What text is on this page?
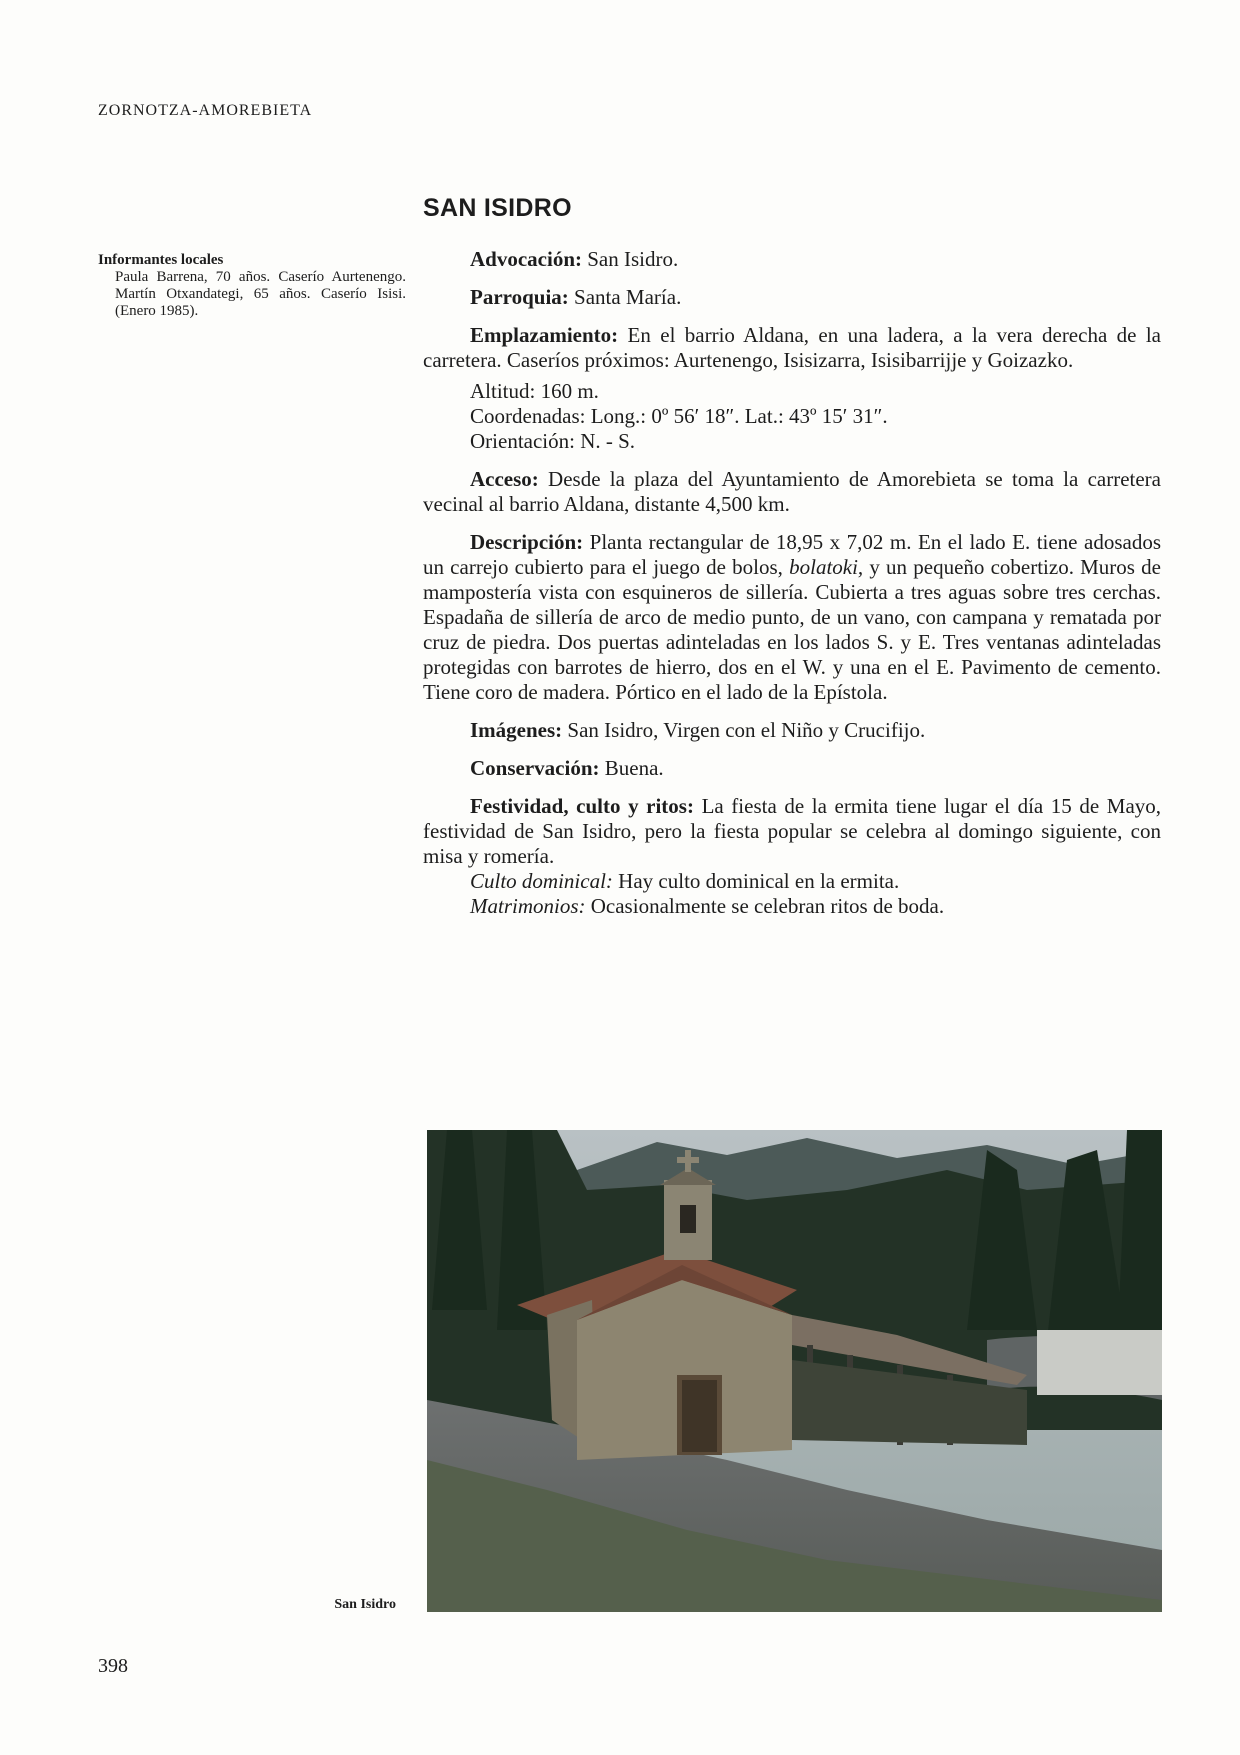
ZORNOTZA-AMOREBIETA
Informantes locales
Paula Barrena, 70 años. Caserío Aurtenengo. Martín Otxandategi, 65 años. Caserío Isisi. (Enero 1985).
SAN ISIDRO

Advocación: San Isidro.

Parroquia: Santa María.

Emplazamiento: En el barrio Aldana, en una ladera, a la vera derecha de la carretera. Caseríos próximos: Aurtenengo, Isisizarra, Isisibarrijje y Goizazko.

Altitud: 160 m.

Coordenadas: Long.: 0º 56′ 18″. Lat.: 43º 15′ 31″.

Orientación: N. - S.

Acceso: Desde la plaza del Ayuntamiento de Amorebieta se toma la carretera vecinal al barrio Aldana, distante 4,500 km.

Descripción: Planta rectangular de 18,95 x 7,02 m. En el lado E. tiene adosados un carrejo cubierto para el juego de bolos, bolatoki, y un pequeño cobertizo. Muros de mampostería vista con esquineros de sillería. Cubierta a tres aguas sobre tres cerchas. Espadaña de sillería de arco de medio punto, de un vano, con campana y rematada por cruz de piedra. Dos puertas adinteladas en los lados S. y E. Tres ventanas adinteladas protegidas con barrotes de hierro, dos en el W. y una en el E. Pavimento de cemento. Tiene coro de madera. Pórtico en el lado de la Epístola.

Imágenes: San Isidro, Virgen con el Niño y Crucifijo.

Conservación: Buena.

Festividad, culto y ritos: La fiesta de la ermita tiene lugar el día 15 de Mayo, festividad de San Isidro, pero la fiesta popular se celebra al domingo siguiente, con misa y romería.

Culto dominical: Hay culto dominical en la ermita.

Matrimonios: Ocasionalmente se celebran ritos de boda.

San Isidro
398
